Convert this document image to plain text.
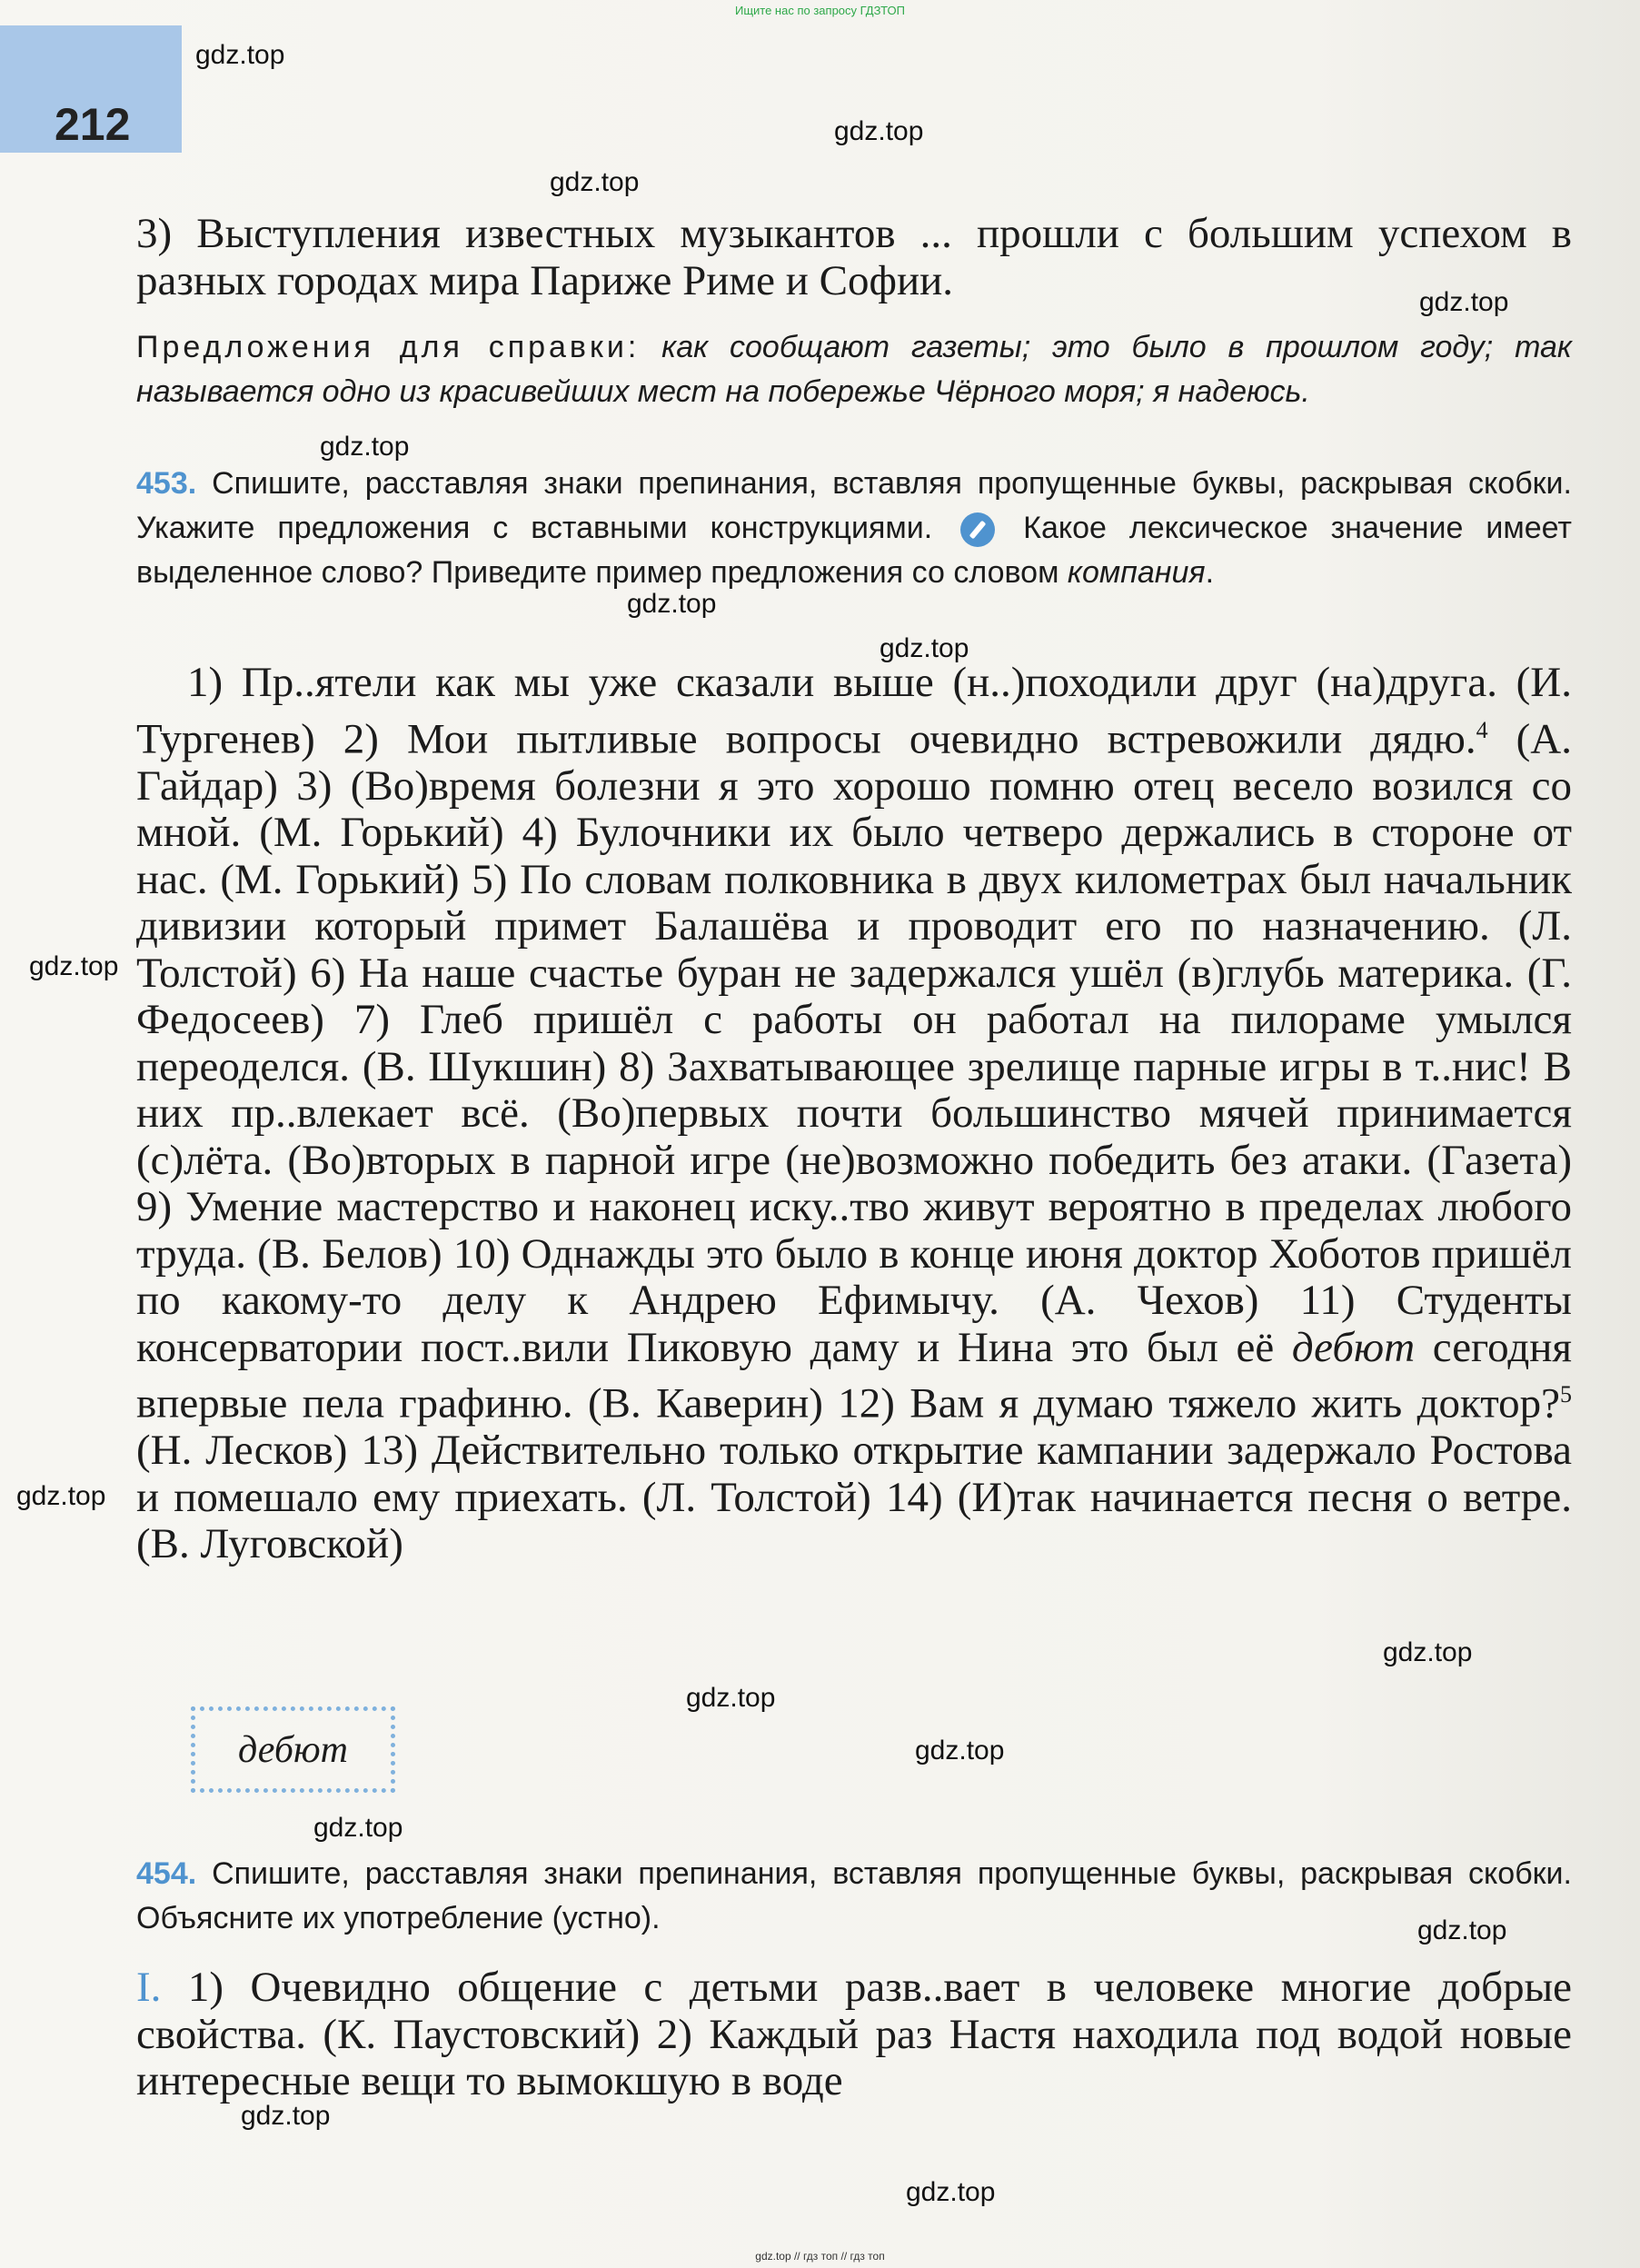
Ищите нас по запросу ГДЗТОП
212
gdz.top
gdz.top
gdz.top
gdz.top
gdz.top
gdz.top
gdz.top
gdz.top
gdz.top
gdz.top
gdz.top
gdz.top
gdz.top
gdz.top
gdz.top
gdz.top
3) Выступления известных музыкантов ... прошли с большим успехом в разных городах мира Париже Риме и Софии.
Предложения для справки: как сообщают газеты; это было в прошлом году; так называется одно из красивейших мест на побережье Чёрного моря; я надеюсь.
453. Спишите, расставляя знаки препинания, вставляя пропущенные буквы, раскрывая скобки. Укажите предложения с вставными конструкциями.	Какое лексическое значение имеет выделенное слово? Приведите пример предложения со словом компания.
1) Пр..ятели как мы уже сказали выше (н..)походили друг (на)друга. (И. Тургенев) 2) Мои пытливые вопросы очевидно встревожили дядю.$^4$ (А. Гайдар) 3) (Во)время болезни я это хорошо помню отец весело возился со мной. (М. Горький) 4) Булочники их было четверо держались в стороне от нас. (М. Горький) 5) По словам полковника в двух километрах был начальник дивизии который примет Балашёва и проводит его по назначению. (Л. Толстой) 6) На наше счастье буран не задержался ушёл (в)глубь материка. (Г. Федосеев) 7) Глеб пришёл с работы он работал на пилораме умылся переоделся. (В. Шукшин) 8) Захватывающее зрелище парные игры в т..нис! В них пр..влекает всё. (Во)первых почти большинство мячей принимается (с)лёта. (Во)вторых в парной игре (не)возможно победить без атаки. (Газета) 9) Умение мастерство и наконец иску..тво живут вероятно в пределах любого труда. (В. Белов) 10) Однажды это было в конце июня доктор Хоботов пришёл по какому-то делу к Андрею Ефимычу. (А. Чехов) 11) Студенты консерватории пост..вили Пиковую даму и Нина это был её дебют сегодня впервые пела графиню. (В. Каверин) 12) Вам я думаю тяжело жить доктор?$^5$ (Н. Лесков) 13) Действительно только открытие кампании задержало Ростова и помешало ему приехать. (Л. Толстой) 14) (И)так начинается песня о ветре. (В. Луговской)
дебют
454. Спишите, расставляя знаки препинания, вставляя пропущенные буквы, раскрывая скобки. Объясните их употребление (устно).
I. 1) Очевидно общение с детьми разв..вает в человеке многие добрые свойства. (К. Паустовский) 2) Каждый раз Настя находила под водой новые интересные вещи то вымокшую в воде
gdz.top // гдз топ // гдз топ
